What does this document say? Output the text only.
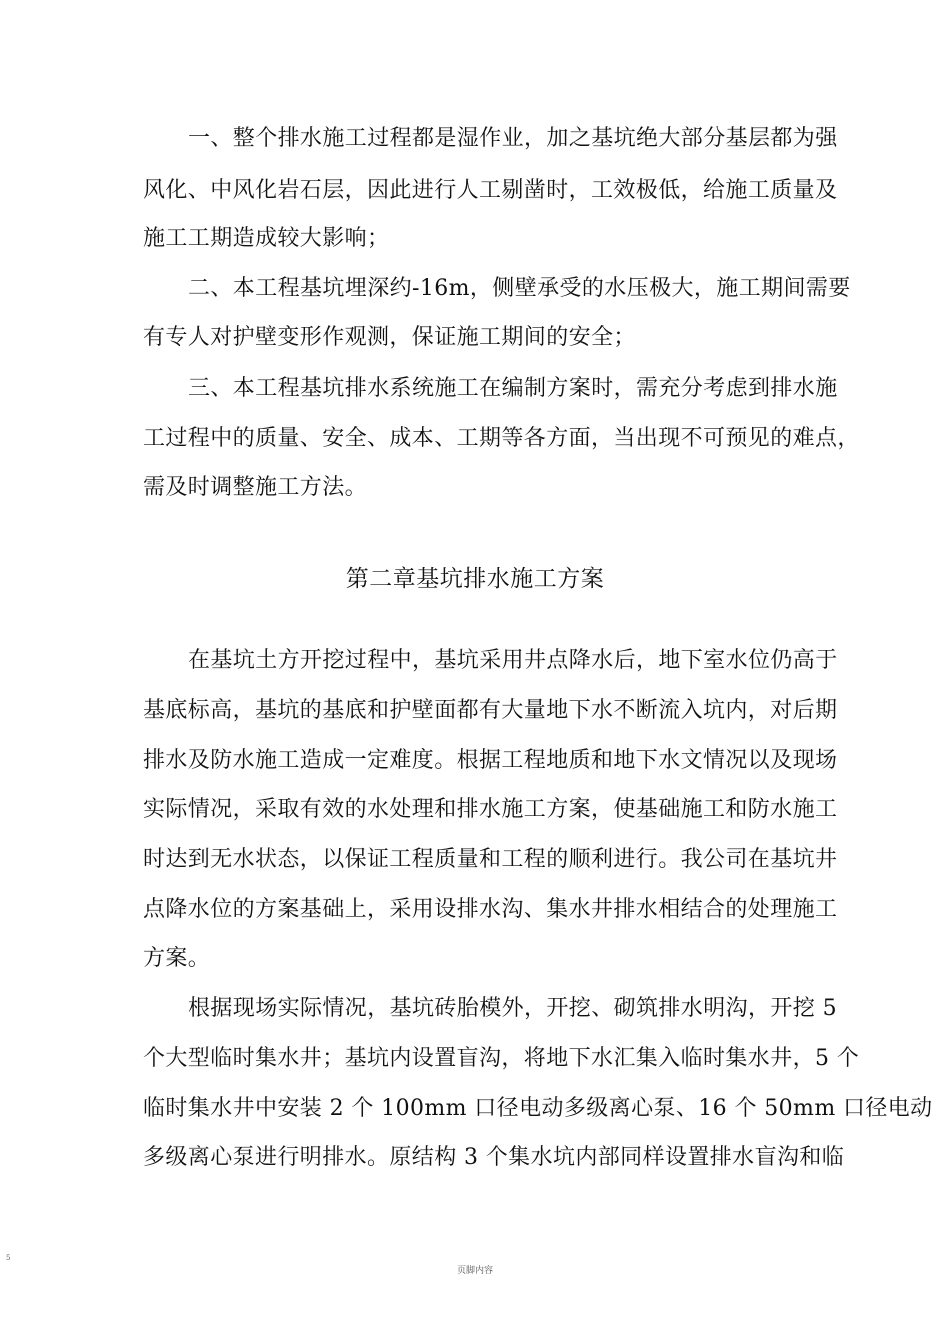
一、整个排水施工过程都是湿作业，加之基坑绝大部分基层都为强
风化、中风化岩石层，因此进行人工剔凿时，工效极低，给施工质量及
施工工期造成较大影响；
二、本工程基坑埋深约-16m，侧壁承受的水压极大，施工期间需要
有专人对护壁变形作观测，保证施工期间的安全；
三、本工程基坑排水系统施工在编制方案时，需充分考虑到排水施
工过程中的质量、安全、成本、工期等各方面，当出现不可预见的难点，
需及时调整施工方法。
第二章基坑排水施工方案
在基坑土方开挖过程中，基坑采用井点降水后，地下室水位仍高于
基底标高，基坑的基底和护壁面都有大量地下水不断流入坑内，对后期
排水及防水施工造成一定难度。根据工程地质和地下水文情况以及现场
实际情况，采取有效的水处理和排水施工方案，使基础施工和防水施工
时达到无水状态，以保证工程质量和工程的顺利进行。我公司在基坑井
点降水位的方案基础上，采用设排水沟、集水井排水相结合的处理施工
方案。
根据现场实际情况，基坑砖胎模外，开挖、砌筑排水明沟，开挖 5
个大型临时集水井；基坑内设置盲沟，将地下水汇集入临时集水井，5 个
临时集水井中安装 2 个 100mm 口径电动多级离心泵、16 个 50mm 口径电动
多级离心泵进行明排水。原结构 3 个集水坑内部同样设置排水盲沟和临
5
页脚内容
